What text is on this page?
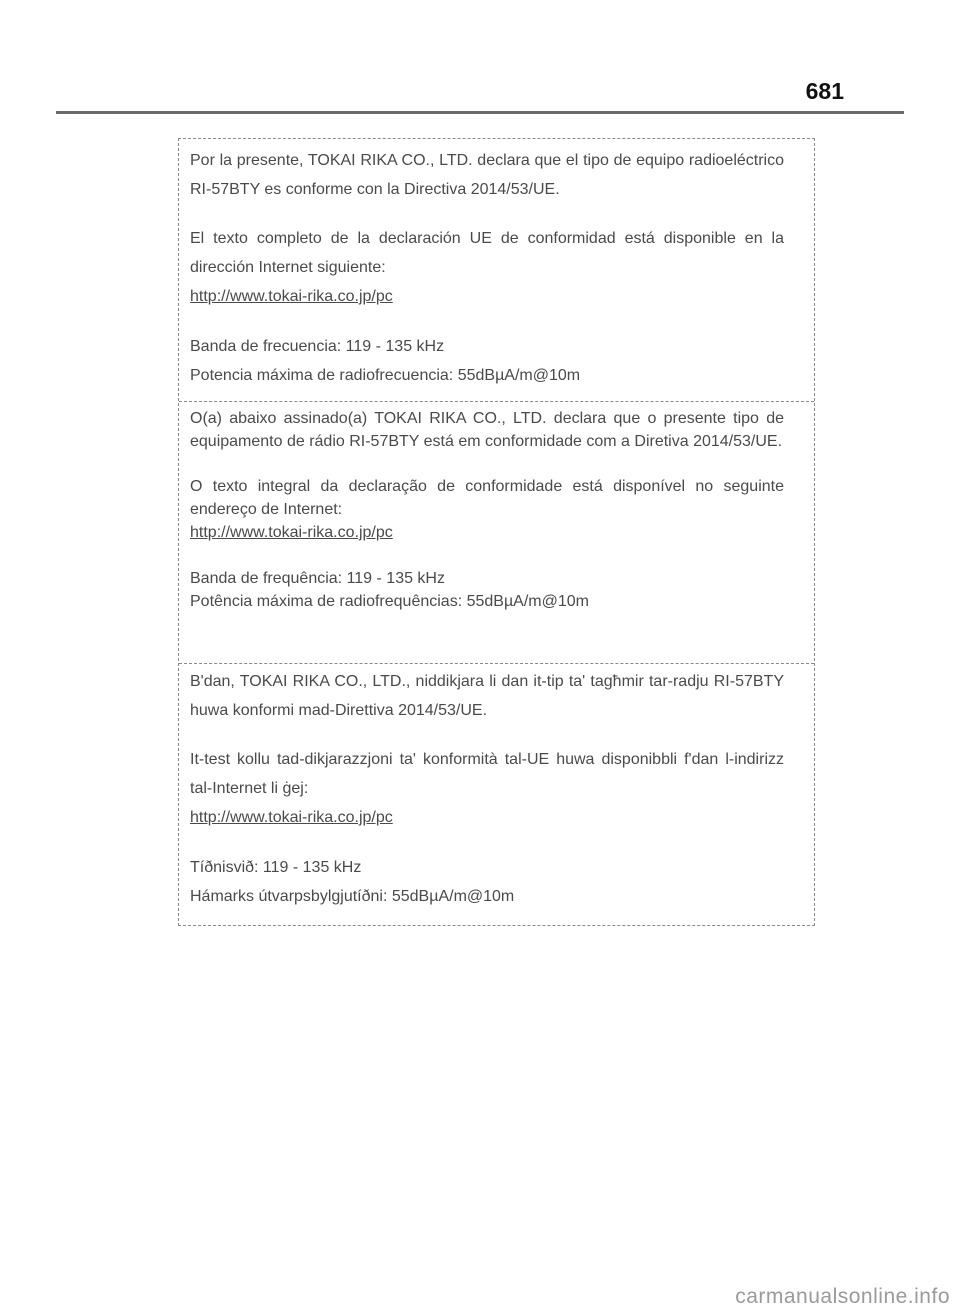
681

Por la presente, TOKAI RIKA CO., LTD. declara que el tipo de equipo radioeléctrico RI-57BTY es conforme con la Directiva 2014/53/UE.

El texto completo de la declaración UE de conformidad está disponible en la dirección Internet siguiente:
http://www.tokai-rika.co.jp/pc

Banda de frecuencia: 119 - 135 kHz
Potencia máxima de radiofrecuencia: 55dBµA/m@10m

O(a) abaixo assinado(a) TOKAI RIKA CO., LTD. declara que o presente tipo de equipamento de rádio RI-57BTY está em conformidade com a Diretiva 2014/53/UE.

O texto integral da declaração de conformidade está disponível no seguinte endereço de Internet:
http://www.tokai-rika.co.jp/pc

Banda de frequência: 119 - 135 kHz
Potência máxima de radiofrequências: 55dBµA/m@10m

B'dan, TOKAI RIKA CO., LTD., niddikjara li dan it-tip ta' tagħmir tar-radju RI-57BTY huwa konformi mad-Direttiva 2014/53/UE.

It-test kollu tad-dikjarazzjoni ta' konformità tal-UE huwa disponibbli f'dan l-indirizz tal-Internet li ġej:
http://www.tokai-rika.co.jp/pc

Tíðnisvið: 119 - 135 kHz
Hámarks útvarpsbylgjutíðni: 55dBµA/m@10m

carmanualsonline.info
